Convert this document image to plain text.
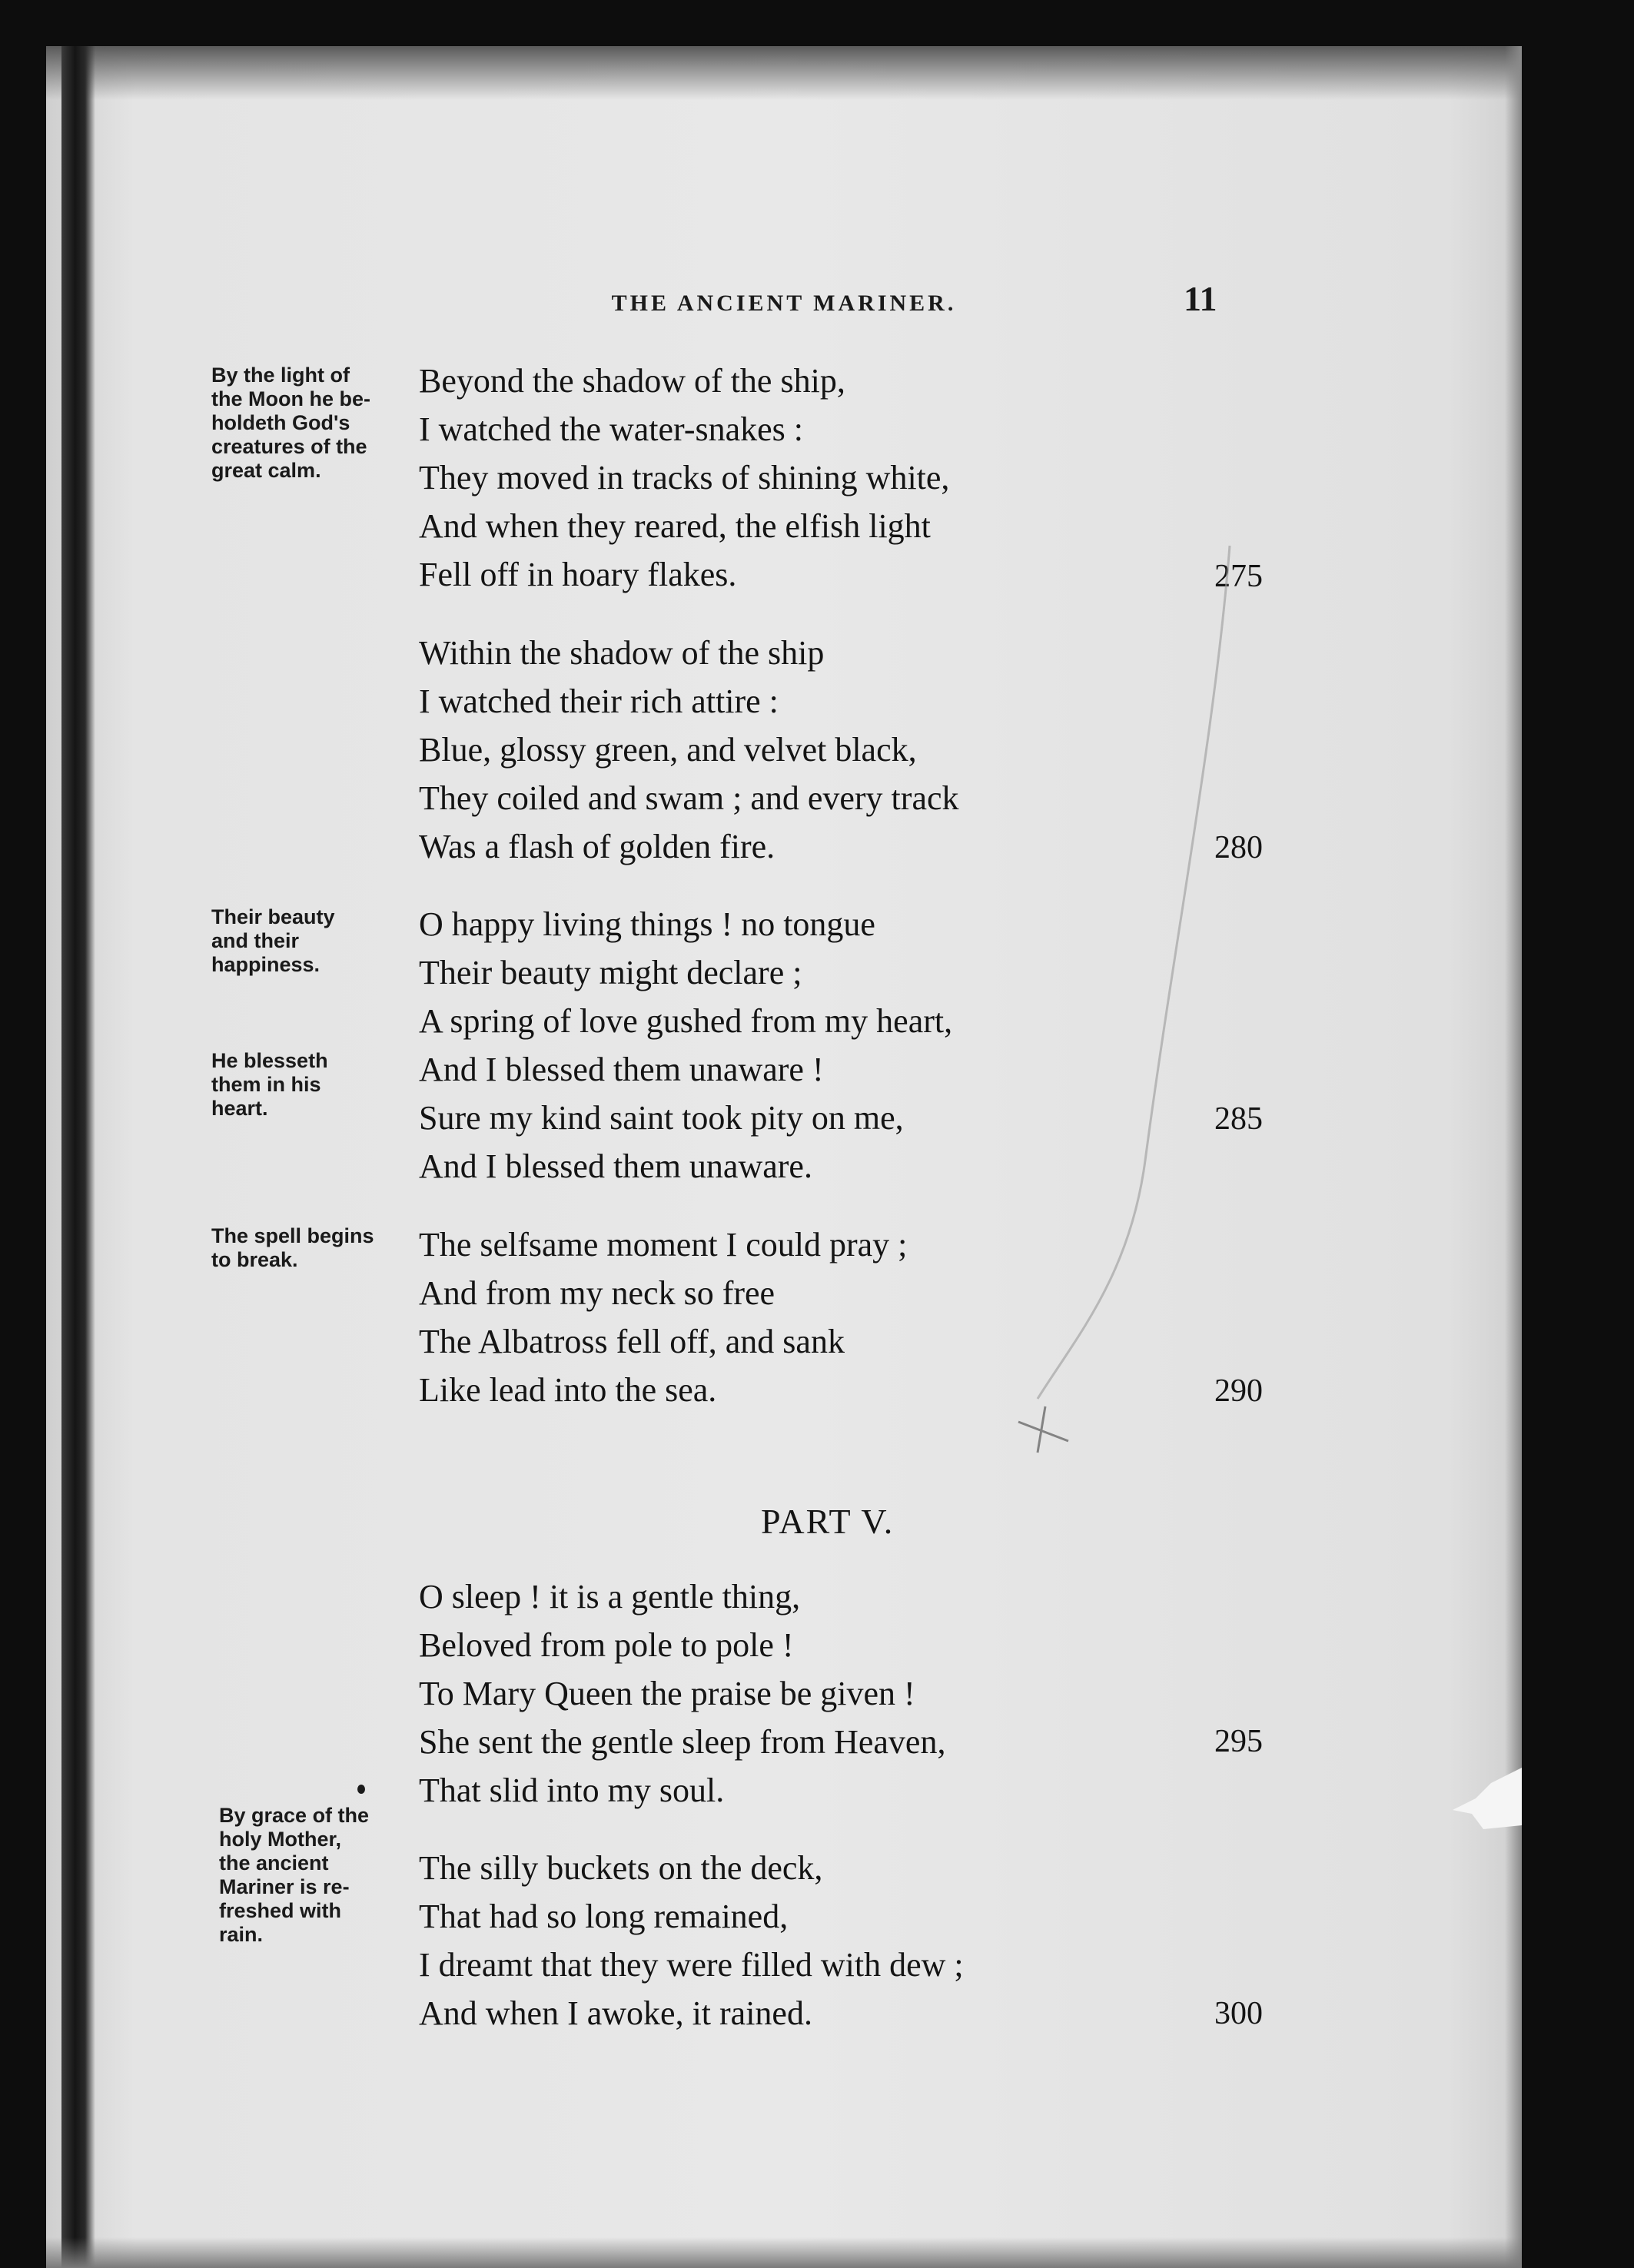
THE ANCIENT MARINER.	11
By the light of
the Moon he be-
holdeth God's
creatures of the
great calm.
Their beauty
and their
happiness.
He blesseth
them in his
heart.
The spell begins
to break.
By grace of the
holy Mother,
the ancient
Mariner is re-
freshed with
rain.
Beyond the shadow of the ship,
I watched the water-snakes :
They moved in tracks of shining white,
And when they reared, the elfish light
Fell off in hoary flakes.
Within the shadow of the ship
I watched their rich attire :
Blue, glossy green, and velvet black,
They coiled and swam ; and every track
Was a flash of golden fire.
O happy living things ! no tongue
Their beauty might declare ;
A spring of love gushed from my heart,
And I blessed them unaware !
Sure my kind saint took pity on me,
And I blessed them unaware.
The selfsame moment I could pray ;
And from my neck so free
The Albatross fell off, and sank
Like lead into the sea.
PART V.
O sleep ! it is a gentle thing,
Beloved from pole to pole !
To Mary Queen the praise be given !
She sent the gentle sleep from Heaven,
That slid into my soul.
The silly buckets on the deck,
That had so long remained,
I dreamt that they were filled with dew ;
And when I awoke, it rained.
275
280
285
290
295
300
